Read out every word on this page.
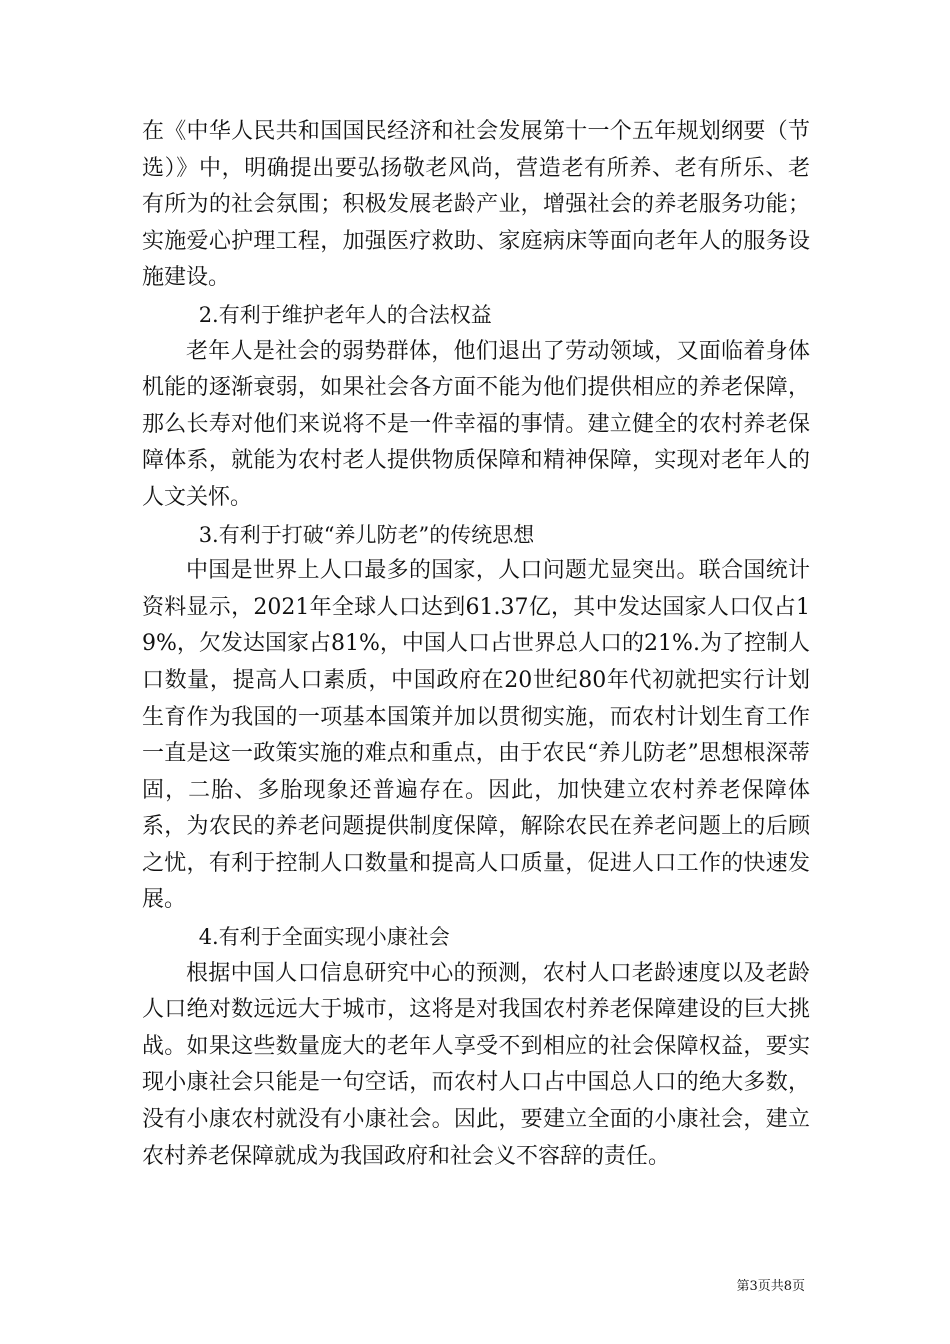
在《中华人民共和国国民经济和社会发展第十一个五年规划纲要（节选）》中，明确提出要弘扬敬老风尚，营造老有所养、老有所乐、老有所为的社会氛围；积极发展老龄产业，增强社会的养老服务功能；实施爱心护理工程，加强医疗救助、家庭病床等面向老年人的服务设施建设。

2.有利于维护老年人的合法权益

老年人是社会的弱势群体，他们退出了劳动领域，又面临着身体机能的逐渐衰弱，如果社会各方面不能为他们提供相应的养老保障，那么长寿对他们来说将不是一件幸福的事情。建立健全的农村养老保障体系，就能为农村老人提供物质保障和精神保障，实现对老年人的人文关怀。

3.有利于打破“养儿防老”的传统思想

中国是世界上人口最多的国家，人口问题尤显突出。联合国统计资料显示，2021年全球人口达到61.37亿，其中发达国家人口仅占19%，欠发达国家占81%，中国人口占世界总人口的21%.为了控制人口数量，提高人口素质，中国政府在20世纪80年代初就把实行计划生育作为我国的一项基本国策并加以贯彻实施，而农村计划生育工作一直是这一政策实施的难点和重点，由于农民“养儿防老”思想根深蒂固，二胎、多胎现象还普遍存在。因此，加快建立农村养老保障体系，为农民的养老问题提供制度保障，解除农民在养老问题上的后顾之忧，有利于控制人口数量和提高人口质量，促进人口工作的快速发展。

4.有利于全面实现小康社会

根据中国人口信息研究中心的预测，农村人口老龄速度以及老龄人口绝对数远远大于城市，这将是对我国农村养老保障建设的巨大挑战。如果这些数量庞大的老年人享受不到相应的社会保障权益，要实现小康社会只能是一句空话，而农村人口占中国总人口的绝大多数，没有小康农村就没有小康社会。因此，要建立全面的小康社会，建立农村养老保障就成为我国政府和社会义不容辞的责任。

第3页共8页
